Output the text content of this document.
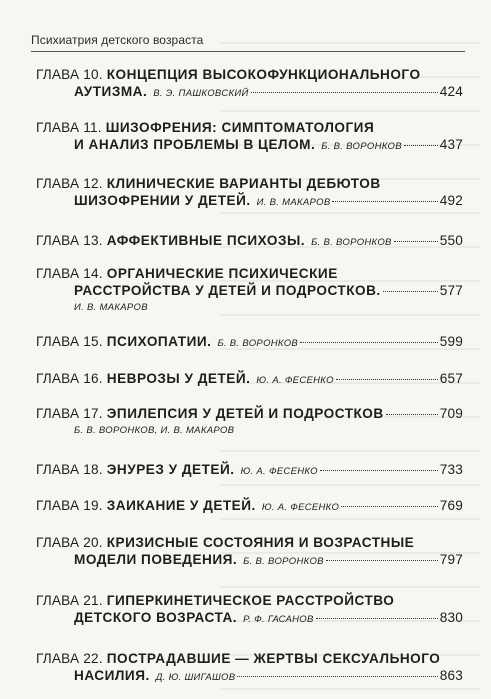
Психиатрия детского возраста
ГЛАВА 10. КОНЦЕПЦИЯ ВЫСОКОФУНКЦИОНАЛЬНОГО
АУТИЗМА. В. Э. ПАШКОВСКИЙ	424
ГЛАВА 11. ШИЗОФРЕНИЯ: СИМПТОМАТОЛОГИЯ
И АНАЛИЗ ПРОБЛЕМЫ В ЦЕЛОМ. Б. В. ВОРОНКОВ	437
ГЛАВА 12. КЛИНИЧЕСКИЕ ВАРИАНТЫ ДЕБЮТОВ
ШИЗОФРЕНИИ У ДЕТЕЙ. И. В. МАКАРОВ	492
ГЛАВА 13. АФФЕКТИВНЫЕ ПСИХОЗЫ. Б. В. ВОРОНКОВ	550
ГЛАВА 14. ОРГАНИЧЕСКИЕ ПСИХИЧЕСКИЕ
РАССТРОЙСТВА У ДЕТЕЙ И ПОДРОСТКОВ.	577
И. В. МАКАРОВ
ГЛАВА 15. ПСИХОПАТИИ. Б. В. ВОРОНКОВ	599
ГЛАВА 16. НЕВРОЗЫ У ДЕТЕЙ. Ю. А. ФЕСЕНКО	657
ГЛАВА 17. ЭПИЛЕПСИЯ У ДЕТЕЙ И ПОДРОСТКОВ	709
Б. В. ВОРОНКОВ, И. В. МАКАРОВ
ГЛАВА 18. ЭНУРЕЗ У ДЕТЕЙ. Ю. А. ФЕСЕНКО	733
ГЛАВА 19. ЗАИКАНИЕ У ДЕТЕЙ. Ю. А. ФЕСЕНКО	769
ГЛАВА 20. КРИЗИСНЫЕ СОСТОЯНИЯ И ВОЗРАСТНЫЕ
МОДЕЛИ ПОВЕДЕНИЯ. Б. В. ВОРОНКОВ	797
ГЛАВА 21. ГИПЕРКИНЕТИЧЕСКОЕ РАССТРОЙСТВО
ДЕТСКОГО ВОЗРАСТА. Р. Ф. ГАСАНОВ	830
ГЛАВА 22. ПОСТРАДАВШИЕ — ЖЕРТВЫ СЕКСУАЛЬНОГО
НАСИЛИЯ. Д. Ю. ШИГАШОВ	863
